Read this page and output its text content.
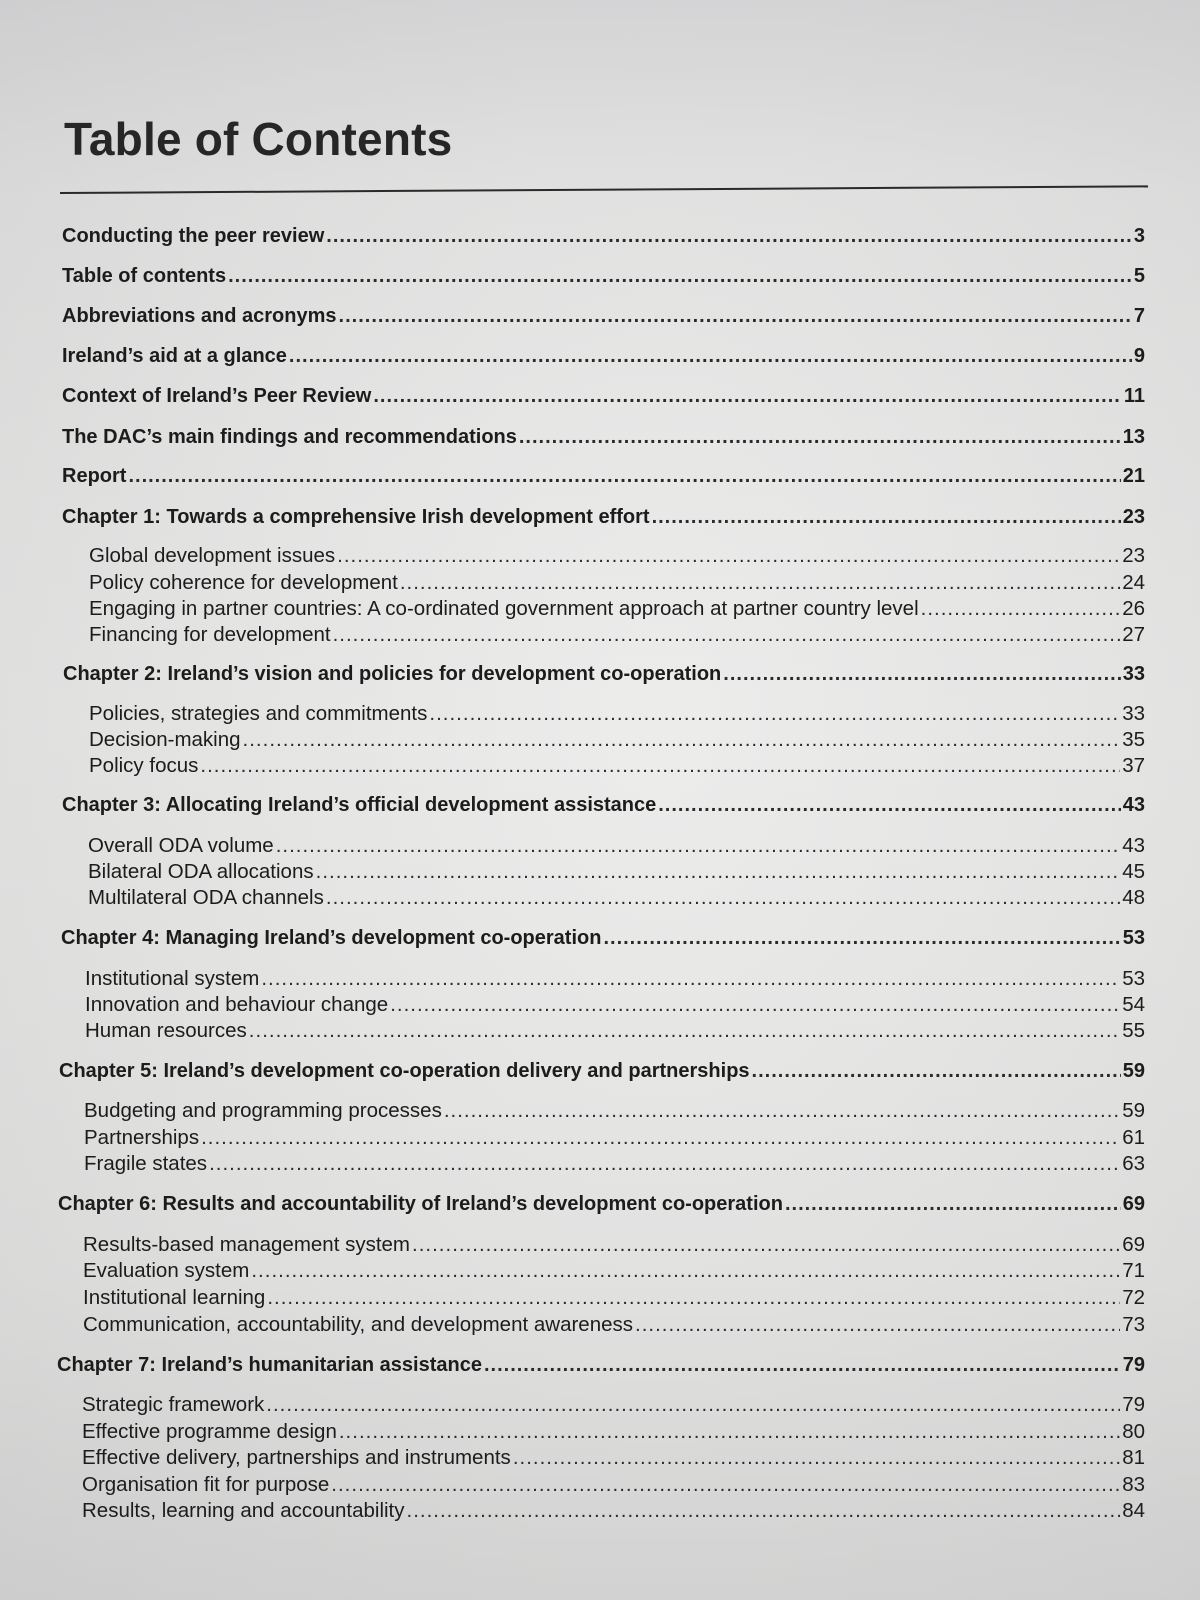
Table of Contents
Conducting the peer review .....	3
Table of contents .....	5
Abbreviations and acronyms .....	7
Ireland’s aid at a glance .....	9
Context of Ireland’s Peer Review .....	11
The DAC’s main findings and recommendations .....	13
Report .....	21
Chapter 1: Towards a comprehensive Irish development effort .....	23
Global development issues .....	23
Policy coherence for development .....	24
Engaging in partner countries: A co-ordinated government approach at partner country level .....	26
Financing for development .....	27
Chapter 2: Ireland’s vision and policies for development co-operation .....	33
Policies, strategies and commitments .....	33
Decision-making .....	35
Policy focus .....	37
Chapter 3: Allocating Ireland’s official development assistance .....	43
Overall ODA volume .....	43
Bilateral ODA allocations .....	45
Multilateral ODA channels .....	48
Chapter 4: Managing Ireland’s development co-operation .....	53
Institutional system .....	53
Innovation and behaviour change .....	54
Human resources .....	55
Chapter 5: Ireland’s development co-operation delivery and partnerships .....	59
Budgeting and programming processes .....	59
Partnerships .....	61
Fragile states .....	63
Chapter 6: Results and accountability of Ireland’s development co-operation .....	69
Results-based management system .....	69
Evaluation system .....	71
Institutional learning .....	72
Communication, accountability, and development awareness .....	73
Chapter 7: Ireland’s humanitarian assistance .....	79
Strategic framework .....	79
Effective programme design .....	80
Effective delivery, partnerships and instruments .....	81
Organisation fit for purpose .....	83
Results, learning and accountability .....	84
